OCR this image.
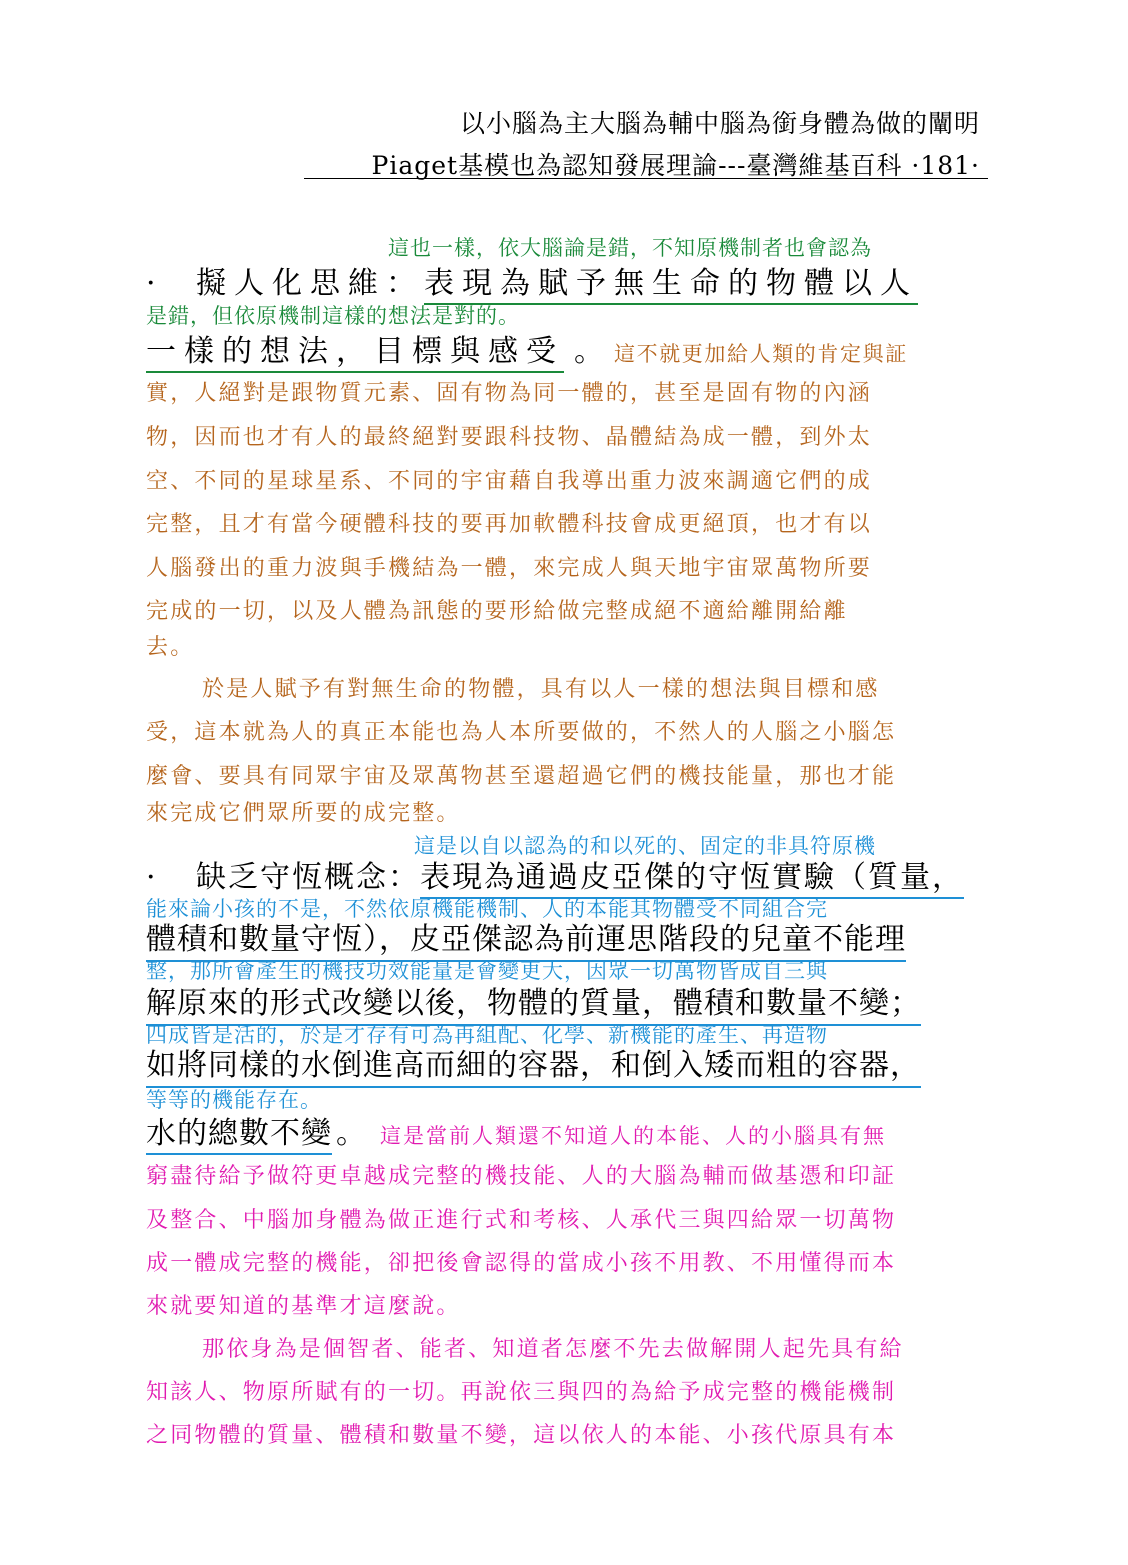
以小腦為主大腦為輔中腦為銜身體為做的闡明
Piaget基模也為認知發展理論---臺灣維基百科 ·181·
這也一樣，依大腦論是錯，不知原機制者也會認為
· 擬人化思維：表現為賦予無生命的物體以人
是錯，但依原機制這樣的想法是對的。
一樣的想法，目標與感受 。 這不就更加給人類的肯定與証
實，人絕對是跟物質元素、固有物為同一體的，甚至是固有物的內涵
物，因而也才有人的最終絕對要跟科技物、晶體結為成一體，到外太
空、不同的星球星系、不同的宇宙藉自我導出重力波來調適它們的成
完整，且才有當今硬體科技的要再加軟體科技會成更絕頂，也才有以
人腦發出的重力波與手機結為一體，來完成人與天地宇宙眾萬物所要
完成的一切，以及人體為訊態的要形給做完整成絕不適給離開給離
去。
於是人賦予有對無生命的物體，具有以人一樣的想法與目標和感
受，這本就為人的真正本能也為人本所要做的，不然人的人腦之小腦怎
麼會、要具有同眾宇宙及眾萬物甚至還超過它們的機技能量，那也才能
來完成它們眾所要的成完整。
這是以自以認為的和以死的、固定的非具符原機
· 缺乏守恆概念：表現為通過皮亞傑的守恆實驗（質量，
能來論小孩的不是，不然依原機能機制、人的本能其物體受不同組合完
體積和數量守恆），皮亞傑認為前運思階段的兒童不能理
整，那所會產生的機技功效能量是會變更大，因眾一切萬物皆成自三與
解原來的形式改變以後，物體的質量，體積和數量不變；
四成皆是活的，於是才存有可為再組配、化學、新機能的產生、再造物
如將同樣的水倒進高而細的容器，和倒入矮而粗的容器，
等等的機能存在。
水的總數不變 。 這是當前人類還不知道人的本能、人的小腦具有無
窮盡待給予做符更卓越成完整的機技能、人的大腦為輔而做基憑和印証
及整合、中腦加身體為做正進行式和考核、人承代三與四給眾一切萬物
成一體成完整的機能，卻把後會認得的當成小孩不用教、不用懂得而本
來就要知道的基準才這麼說。
那依身為是個智者、能者、知道者怎麼不先去做解開人起先具有給
知該人、物原所賦有的一切。再說依三與四的為給予成完整的機能機制
之同物體的質量、體積和數量不變，這以依人的本能、小孩代原具有本
